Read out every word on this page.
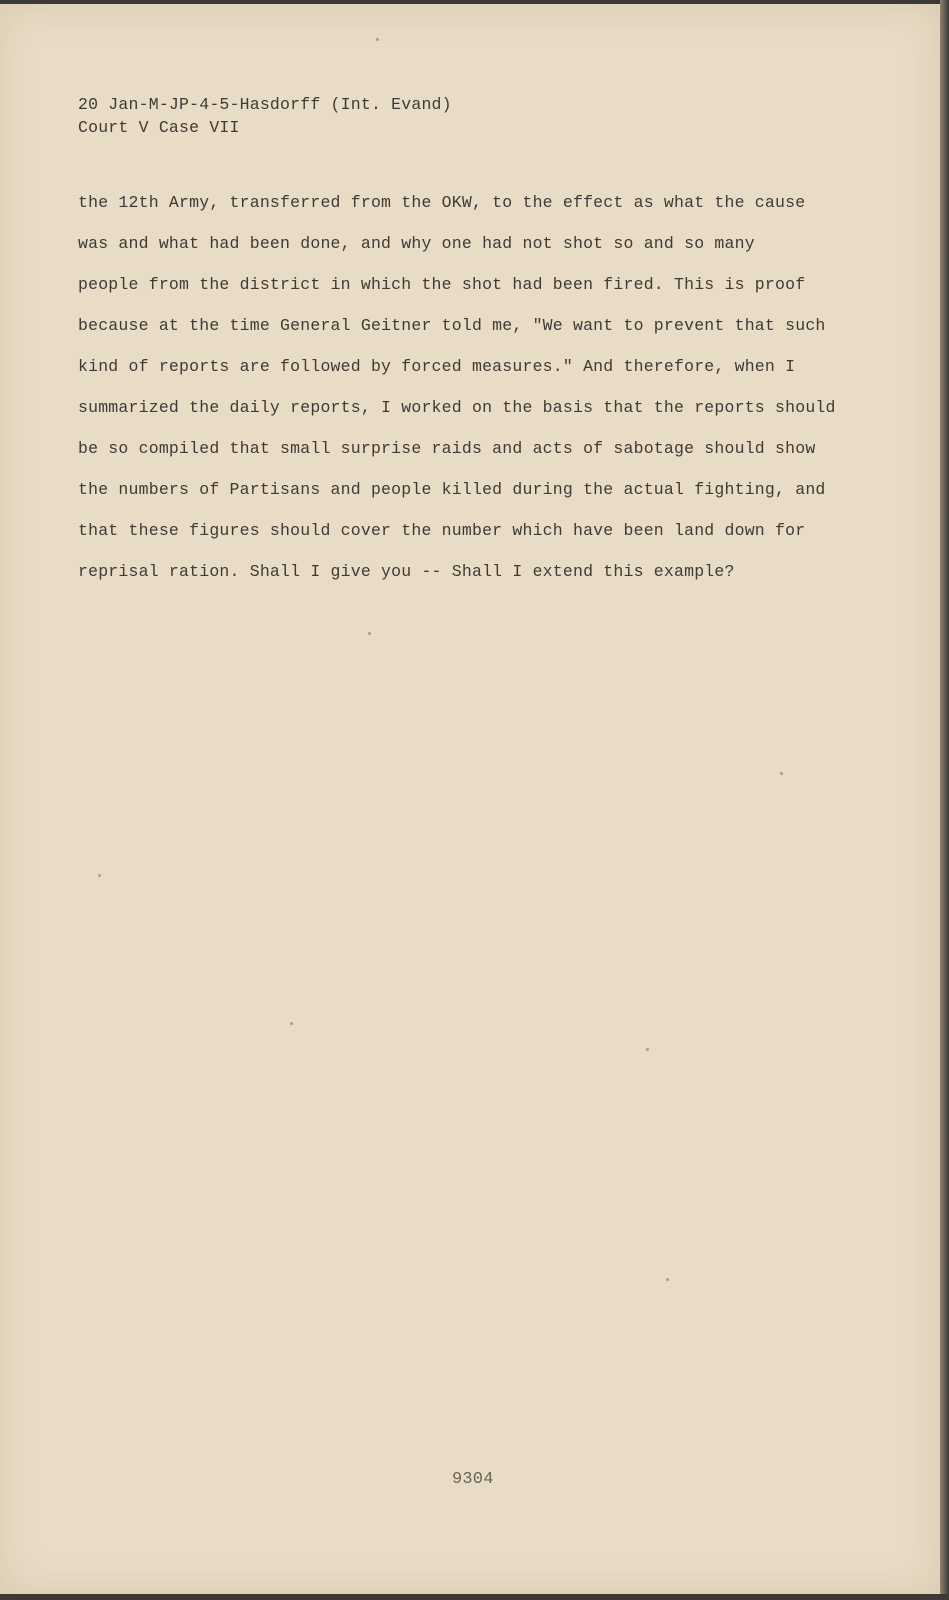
20 Jan-M-JP-4-5-Hasdorff (Int. Evand)
Court V Case VII
the 12th Army, transferred from the OKW, to the effect as what the cause
was and what had been done, and why one had not shot so and so many
people from the district in which the shot had been fired. This is proof
because at the time General Geitner told me, "We want to prevent that such
kind of reports are followed by forced measures." And therefore, when I
summarized the daily reports, I worked on the basis that the reports should
be so compiled that small surprise raids and acts of sabotage should show
the numbers of Partisans and people killed during the actual fighting, and
that these figures should cover the number which have been land down for
reprisal ration. Shall I give you -- Shall I extend this example?
9304
